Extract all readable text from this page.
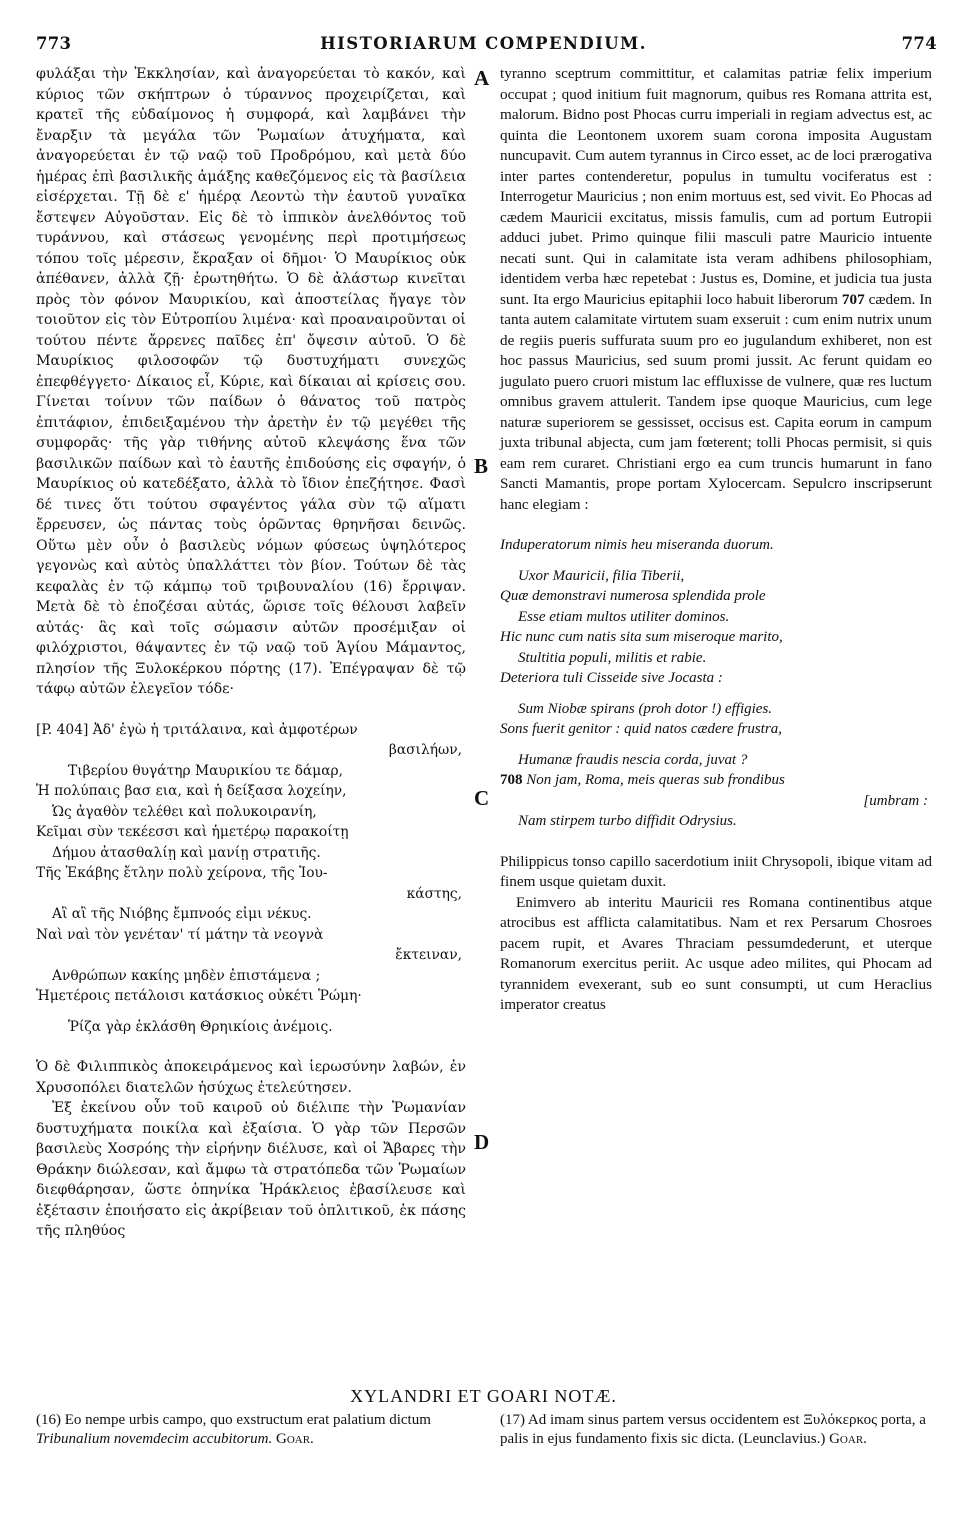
773	HISTORIARUM COMPENDIUM.	774
A
B
C
D

φυλάξαι τὴν Ἐκκλησίαν, καὶ ἀναγορεύεται τὸ κακόν, καὶ κύριος τῶν σκήπτρων ὁ τύραννος προχειρίζεται, καὶ κρατεῖ τῆς εὐδαίμονος ἡ συμφορά, καὶ λαμβάνει τὴν ἔναρξιν τὰ μεγάλα τῶν Ῥωμαίων ἀτυχήματα, καὶ ἀναγορεύεται ἐν τῷ ναῷ τοῦ Προδρόμου, καὶ μετὰ δύο ἡμέρας ἐπὶ βασιλικῆς ἁμάξης καθεζόμενος εἰς τὰ βασίλεια εἰσέρχεται. Τῇ δὲ ε' ἡμέρᾳ Λεοντὼ τὴν ἑαυτοῦ γυναῖκα ἔστεψεν Αὐγοῦσταν. Εἰς δὲ τὸ ἱππικὸν ἀνελθόντος τοῦ τυράννου, καὶ στάσεως γενομένης περὶ προτιμήσεως τόπου τοῖς μέρεσιν, ἔκραξαν οἱ δῆμοι· Ὁ Μαυρίκιος οὐκ ἀπέθανεν, ἀλλὰ ζῇ· ἐρωτηθήτω. Ὁ δὲ ἀλάστωρ κινεῖται πρὸς τὸν φόνον Μαυρικίου, καὶ ἀποστείλας ἤγαγε τὸν τοιοῦτον εἰς τὸν Εὐτροπίου λιμένα· καὶ προαναιροῦνται οἱ τούτου πέντε ἄρρενες παῖδες ἐπ' ὄψεσιν αὐτοῦ. Ὁ δὲ Μαυρίκιος φιλοσοφῶν τῷ δυστυχήματι συνεχῶς ἐπεφθέγγετο· Δίκαιος εἶ, Κύριε, καὶ δίκαιαι αἱ κρίσεις σου. Γίνεται τοίνυν τῶν παίδων ὁ θάνατος τοῦ πατρὸς ἐπιτάφιον, ἐπιδειξαμένου τὴν ἀρετὴν ἐν τῷ μεγέθει τῆς συμφορᾶς· τῆς γὰρ τιθήνης αὐτοῦ κλεψάσης ἕνα τῶν βασιλικῶν παίδων καὶ τὸ ἑαυτῆς ἐπιδούσης εἰς σφαγήν, ὁ Μαυρίκιος οὐ κατεδέξατο, ἀλλὰ τὸ ἴδιον ἐπεζήτησε. Φασὶ δέ τινες ὅτι τούτου σφαγέντος γάλα σὺν τῷ αἵματι ἔρρευσεν, ὡς πάντας τοὺς ὁρῶντας θρηνῆσαι δεινῶς. Οὕτω μὲν οὖν ὁ βασιλεὺς νόμων φύσεως ὑψηλότερος γεγονὼς καὶ αὐτὸς ὑπαλλάττει τὸν βίον. Τούτων δὲ τὰς κεφαλὰς ἐν τῷ κάμπῳ τοῦ τριβουναλίου (16) ἔρριψαν. Μετὰ δὲ τὸ ἐποζέσαι αὐτάς, ὥρισε τοῖς θέλουσι λαβεῖν αὐτάς· ἃς καὶ τοῖς σώμασιν αὐτῶν προσέμιξαν οἱ φιλόχριστοι, θάψαντες ἐν τῷ ναῷ τοῦ Ἁγίου Μάμαντος, πλησίον τῆς Ξυλοκέρκου πόρτης (17). Ἐπέγραψαν δὲ τῷ τάφῳ αὐτῶν ἐλεγεῖον τόδε·

[P. 404] Ἀδ' ἐγὼ ἡ τριτάλαινα, καὶ ἀμφοτέρων
βασιλήων,
Τιβερίου θυγάτηρ Μαυρικίου τε δάμαρ,
Ἡ πολύπαις βασ εια, καὶ ἡ δείξασα λοχείην,
Ὡς ἀγαθὸν τελέθει καὶ πολυκοιρανίη,
Κεῖμαι σὺν τεκέεσσι καὶ ἡμετέρῳ παρακοίτῃ
Δήμου ἀτασθαλίῃ καὶ μανίῃ στρατιῆς.
Τῆς Ἑκάβης ἔτλην πολὺ χείρονα, τῆς Ἰου-
κάστης,
Αἲ αἲ τῆς Νιόβης ἔμπνοός εἰμι νέκυς.
Ναὶ ναὶ τὸν γενέταν' τί μάτην τὰ νεογνὰ
ἔκτειναν,
Ανθρώπων κακίης μηδὲν ἐπιστάμενα ;
Ἡμετέροις πετάλοισι κατάσκιος οὐκέτι Ῥώμη·
Ῥίζα γὰρ ἐκλάσθη Θρηικίοις ἀνέμοις.

Ὁ δὲ Φιλιππικὸς ἀποκειράμενος καὶ ἱερωσύνην λαβών, ἐν Χρυσοπόλει διατελῶν ἡσύχως ἐτελεύτησεν.

Ἐξ ἐκείνου οὖν τοῦ καιροῦ οὐ διέλιπε τὴν Ῥωμανίαν δυστυχήματα ποικίλα καὶ ἐξαίσια. Ὁ γὰρ τῶν Περσῶν βασιλεὺς Χοσρόης τὴν εἰρήνην διέλυσε, καὶ οἱ Ἄβαρες τὴν Θράκην διώλεσαν, καὶ ἄμφω τὰ στρατόπεδα τῶν Ῥωμαίων διεφθάρησαν, ὥστε ὁπηνίκα Ἡράκλειος ἐβασίλευσε καὶ ἐξέτασιν ἐποιήσατο εἰς ἀκρίβειαν τοῦ ὁπλιτικοῦ, ἐκ πάσης τῆς πληθύος

tyranno sceptrum committitur, et calamitas patriæ felix imperium occupat ; quod initium fuit magnorum, quibus res Romana attrita est, malorum. Bidno post Phocas curru imperiali in regiam advectus est, ac quinta die Leontonem uxorem suam corona imposita Augustam nuncupavit. Cum autem tyrannus in Circo esset, ac de loci prærogativa inter partes contenderetur, populus in tumultu vociferatus est : Interrogetur Mauricius ; non enim mortuus est, sed vivit. Eo Phocas ad cædem Mauricii excitatus, missis famulis, cum ad portum Eutropii adduci jubet. Primo quinque filii masculi patre Mauricio intuente necati sunt. Qui in calamitate ista veram adhibens philosophiam, identidem verba hæc repetebat : Justus es, Domine, et judicia tua justa sunt. Ita ergo Mauricius epitaphii loco habuit liberorum 707 cædem. In tanta autem calamitate virtutem suam exseruit : cum enim nutrix unum de regiis pueris suffurata suum pro eo jugulandum exhiberet, non est hoc passus Mauricius, sed suum promi jussit. Ac ferunt quidam eo jugulato puero cruori mistum lac effluxisse de vulnere, quæ res luctum omnibus gravem attulerit. Tandem ipse quoque Mauricius, cum lege naturæ superiorem se gessisset, occisus est. Capita eorum in campum juxta tribunal abjecta, cum jam fœterent; tolli Phocas permisit, si quis eam rem curaret. Christiani ergo ea cum truncis humarunt in fano Sancti Mamantis, prope portam Xylocercam. Sepulcro inscripserunt hanc elegiam :

Induperatorum nimis heu miseranda duorum.
Uxor Mauricii, filia Tiberii,
Quæ demonstravi numerosa splendida prole
Esse etiam multos utiliter dominos.
Hic nunc cum natis sita sum miseroque marito,
Stultitia populi, militis et rabie.
Deteriora tuli Cisseide sive Jocasta :
Sum Niobæ spirans (proh dotor !) effigies.
Sons fuerit genitor : quid natos cædere frustra,
Humanæ fraudis nescia corda, juvat ?
708 Non jam, Roma, meis queras sub frondibus
[umbram :
Nam stirpem turbo diffidit Odrysius.

Philippicus tonso capillo sacerdotium iniit Chrysopoli, ibique vitam ad finem usque quietam duxit.

Enimvero ab interitu Mauricii res Romana continentibus atque atrocibus est afflicta calamitatibus. Nam et rex Persarum Chosroes pacem rupit, et Avares Thraciam pessumdederunt, et uterque Romanorum exercitus periit. Ac usque adeo milites, qui Phocam ad tyrannidem evexerant, sub eo sunt consumpti, ut cum Heraclius imperator creatus

XYLANDRI ET GOARI NOTÆ.
(16) Eo nempe urbis campo, quo exstructum erat palatium dictum Tribunalium novemdecim accubitorum. Goar.
(17) Ad imam sinus partem versus occidentem est Ξυλόκερκος porta, a palis in ejus fundamento fixis sic dicta. (Leunclavius.) Goar.
